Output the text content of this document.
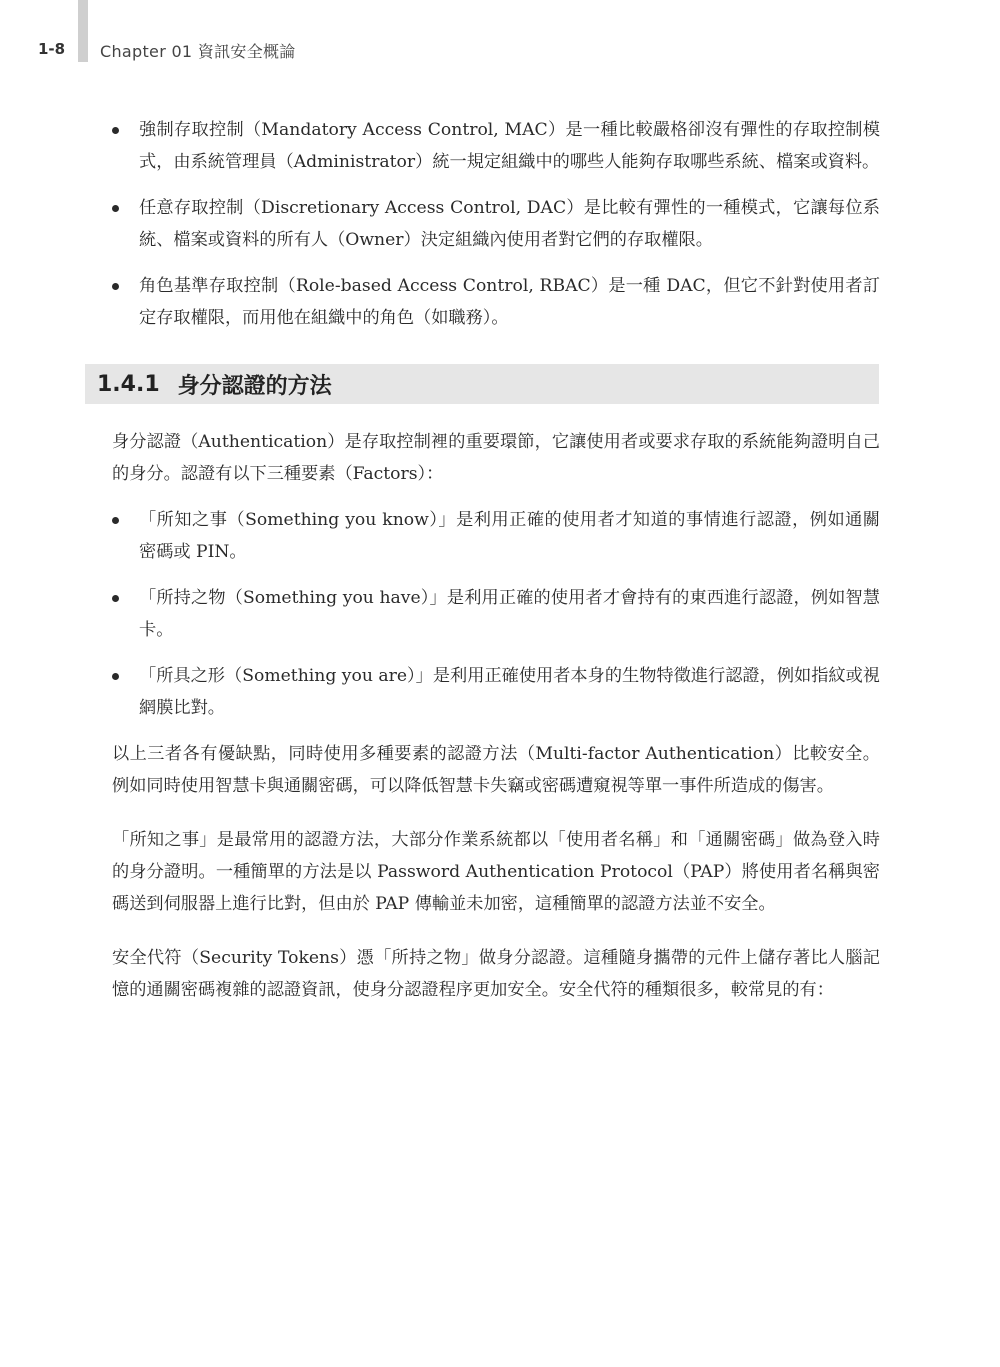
1-8 Chapter 01 資訊安全概論
強制存取控制（Mandatory Access Control, MAC）是一種比較嚴格卻沒有彈性的存取控制模式，由系統管理員（Administrator）統一規定組織中的哪些人能夠存取哪些系統、檔案或資料。
任意存取控制（Discretionary Access Control, DAC）是比較有彈性的一種模式，它讓每位系統、檔案或資料的所有人（Owner）決定組織內使用者對它們的存取權限。
角色基準存取控制（Role-based Access Control, RBAC）是一種 DAC，但它不針對使用者訂定存取權限，而用他在組織中的角色（如職務）。
1.4.1 身分認證的方法

身分認證（Authentication）是存取控制裡的重要環節，它讓使用者或要求存取的系統能夠證明自己的身分。認證有以下三種要素（Factors）：

「所知之事（Something you know）」是利用正確的使用者才知道的事情進行認證，例如通關密碼或 PIN。
「所持之物（Something you have）」是利用正確的使用者才會持有的東西進行認證，例如智慧卡。
「所具之形（Something you are）」是利用正確使用者本身的生物特徵進行認證，例如指紋或視網膜比對。

以上三者各有優缺點，同時使用多種要素的認證方法（Multi-factor Authentication）比較安全。例如同時使用智慧卡與通關密碼，可以降低智慧卡失竊或密碼遭窺視等單一事件所造成的傷害。

「所知之事」是最常用的認證方法，大部分作業系統都以「使用者名稱」和「通關密碼」做為登入時的身分證明。一種簡單的方法是以 Password Authentication Protocol（PAP）將使用者名稱與密碼送到伺服器上進行比對，但由於 PAP 傳輸並未加密，這種簡單的認證方法並不安全。

安全代符（Security Tokens）憑「所持之物」做身分認證。這種隨身攜帶的元件上儲存著比人腦記憶的通關密碼複雜的認證資訊，使身分認證程序更加安全。安全代符的種類很多，較常見的有：
